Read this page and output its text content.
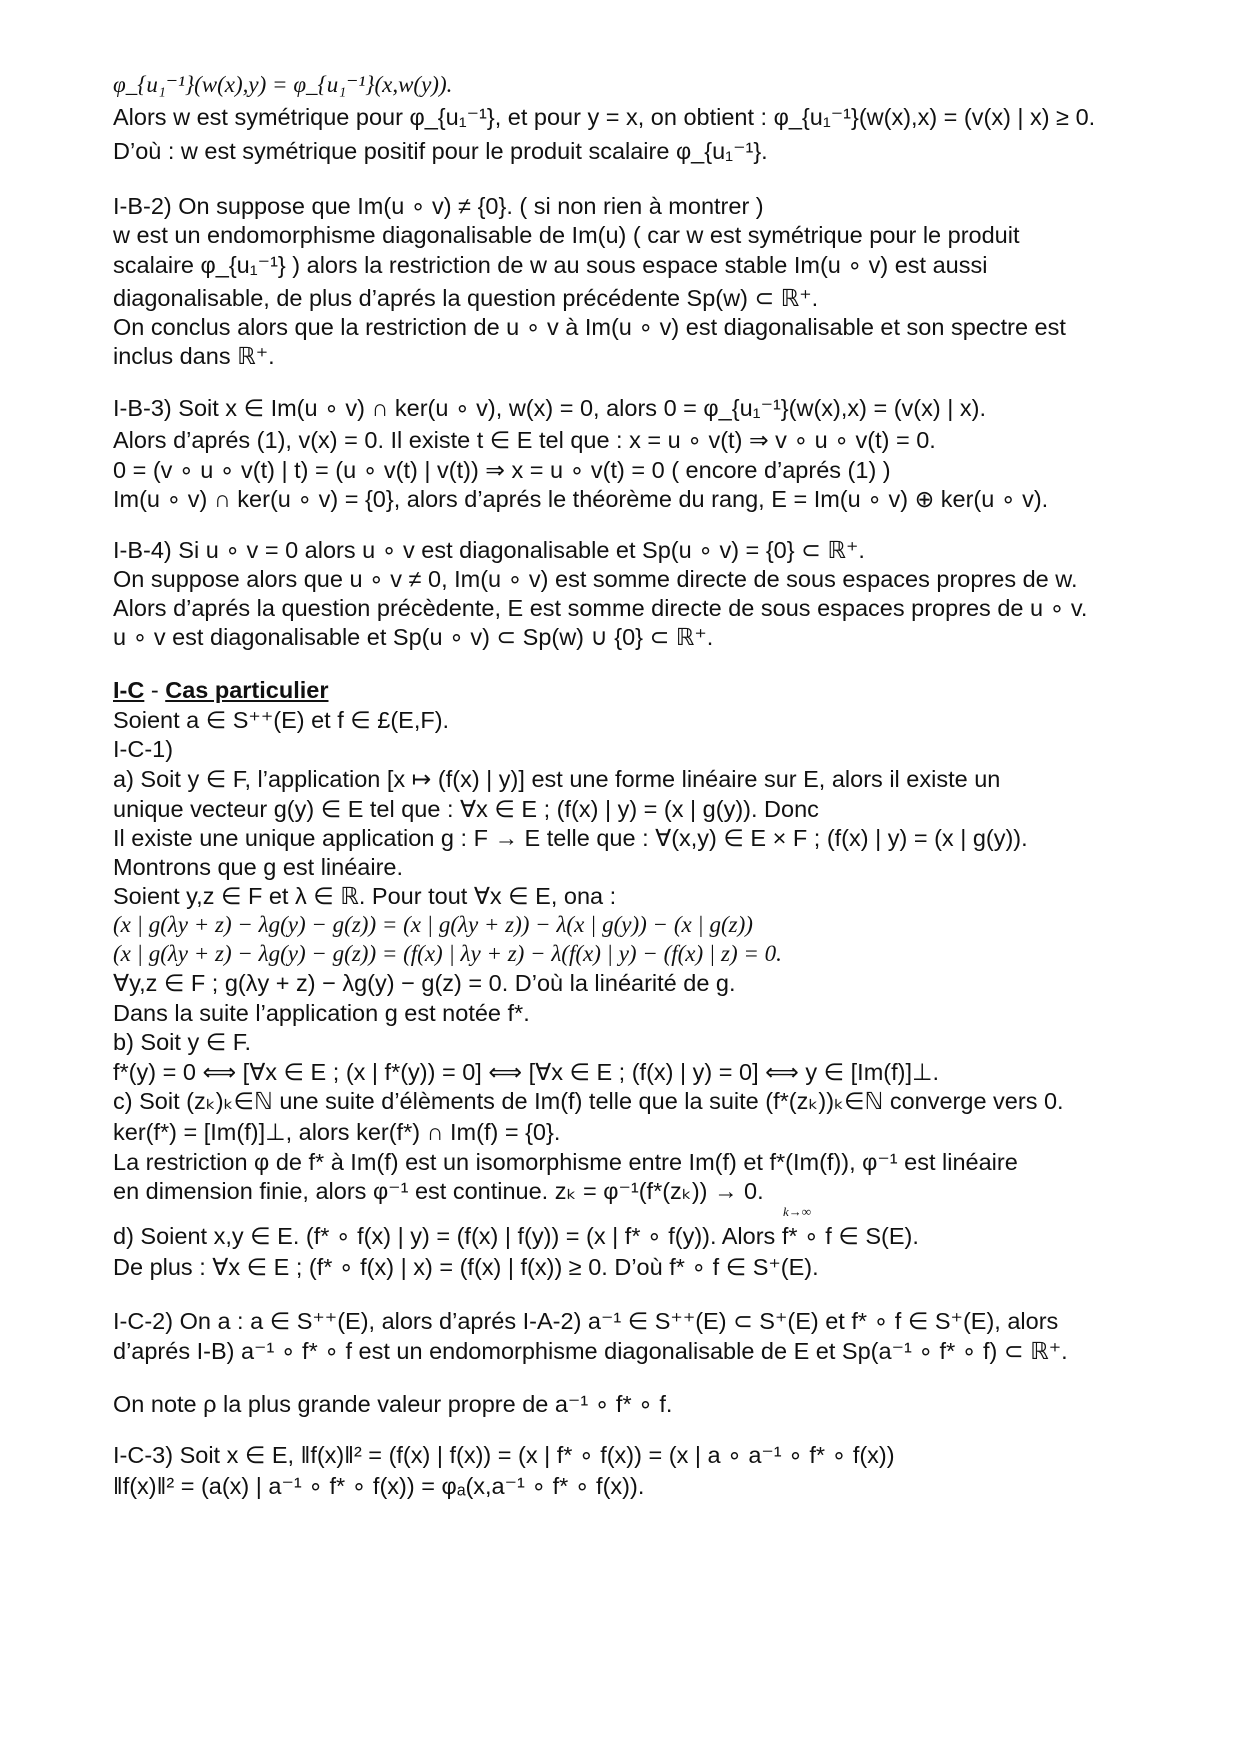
φ_{u₁⁻¹}(w(x),y) = φ_{u₁⁻¹}(x,w(y)).
Alors w est symétrique pour φ_{u₁⁻¹}, et pour y = x, on obtient : φ_{u₁⁻¹}(w(x),x) = (v(x) | x) ≥ 0.
D’où : w est symétrique positif pour le produit scalaire φ_{u₁⁻¹}.
I-B-2) On suppose que Im(u ∘ v) ≠ {0}. ( si non rien à montrer )
w est un endomorphisme diagonalisable de Im(u) ( car w est symétrique pour le produit
scalaire φ_{u₁⁻¹} ) alors la restriction de w au sous espace stable Im(u ∘ v) est aussi
diagonalisable, de plus d’aprés la question précédente Sp(w) ⊂ ℝ⁺.
On conclus alors que la restriction de u ∘ v à Im(u ∘ v) est diagonalisable et son spectre est
inclus dans ℝ⁺.
I-B-3) Soit x ∈ Im(u ∘ v) ∩ ker(u ∘ v), w(x) = 0, alors 0 = φ_{u₁⁻¹}(w(x),x) = (v(x) | x).
Alors d’aprés (1), v(x) = 0. Il existe t ∈ E tel que : x = u ∘ v(t) ⇒ v ∘ u ∘ v(t) = 0.
0 = (v ∘ u ∘ v(t) | t) = (u ∘ v(t) | v(t)) ⇒ x = u ∘ v(t) = 0 ( encore d’aprés (1) )
Im(u ∘ v) ∩ ker(u ∘ v) = {0}, alors d’aprés le théorème du rang, E = Im(u ∘ v) ⊕ ker(u ∘ v).
I-B-4) Si u ∘ v = 0 alors u ∘ v est diagonalisable et Sp(u ∘ v) = {0} ⊂ ℝ⁺.
On suppose alors que u ∘ v ≠ 0, Im(u ∘ v) est somme directe de sous espaces propres de w.
Alors d’aprés la question précèdente, E est somme directe de sous espaces propres de u ∘ v.
u ∘ v est diagonalisable et Sp(u ∘ v) ⊂ Sp(w) ∪ {0} ⊂ ℝ⁺.
I-C - Cas particulier
Soient a ∈ S⁺⁺(E) et f ∈ £(E,F).
I-C-1)
a) Soit y ∈ F, l’application [x ↦ (f(x) | y)] est une forme linéaire sur E, alors il existe un
unique vecteur g(y) ∈ E tel que : ∀x ∈ E ; (f(x) | y) = (x | g(y)). Donc
Il existe une unique application g : F → E telle que : ∀(x,y) ∈ E × F ; (f(x) | y) = (x | g(y)).
Montrons que g est linéaire.
Soient y,z ∈ F et λ ∈ ℝ. Pour tout ∀x ∈ E, ona :
(x | g(λy + z) − λg(y) − g(z)) = (x | g(λy + z)) − λ(x | g(y)) − (x | g(z))
(x | g(λy + z) − λg(y) − g(z)) = (f(x) | λy + z) − λ(f(x) | y) − (f(x) | z) = 0.
∀y,z ∈ F ; g(λy + z) − λg(y) − g(z) = 0. D’où la linéarité de g.
Dans la suite l’application g est notée f*.
b) Soit y ∈ F.
f*(y) = 0 ⟺ [∀x ∈ E ; (x | f*(y)) = 0] ⟺ [∀x ∈ E ; (f(x) | y) = 0] ⟺ y ∈ [Im(f)]⊥.
c) Soit (zₖ)ₖ∈ℕ une suite d’élèments de Im(f) telle que la suite (f*(zₖ))ₖ∈ℕ converge vers 0.
ker(f*) = [Im(f)]⊥, alors ker(f*) ∩ Im(f) = {0}.
La restriction φ de f* à Im(f) est un isomorphisme entre Im(f) et f*(Im(f)), φ⁻¹ est linéaire
en dimension finie, alors φ⁻¹ est continue. zₖ = φ⁻¹(f*(zₖ)) → 0.
k→∞
d) Soient x,y ∈ E. (f* ∘ f(x) | y) = (f(x) | f(y)) = (x | f* ∘ f(y)). Alors f* ∘ f ∈ S(E).
De plus : ∀x ∈ E ; (f* ∘ f(x) | x) = (f(x) | f(x)) ≥ 0. D’où f* ∘ f ∈ S⁺(E).
I-C-2) On a : a ∈ S⁺⁺(E), alors d’aprés I-A-2) a⁻¹ ∈ S⁺⁺(E) ⊂ S⁺(E) et f* ∘ f ∈ S⁺(E), alors
d’aprés I-B) a⁻¹ ∘ f* ∘ f est un endomorphisme diagonalisable de E et Sp(a⁻¹ ∘ f* ∘ f) ⊂ ℝ⁺.
On note ρ la plus grande valeur propre de a⁻¹ ∘ f* ∘ f.
I-C-3) Soit x ∈ E, ‖f(x)‖² = (f(x) | f(x)) = (x | f* ∘ f(x)) = (x | a ∘ a⁻¹ ∘ f* ∘ f(x))
‖f(x)‖² = (a(x) | a⁻¹ ∘ f* ∘ f(x)) = φₐ(x,a⁻¹ ∘ f* ∘ f(x)).
